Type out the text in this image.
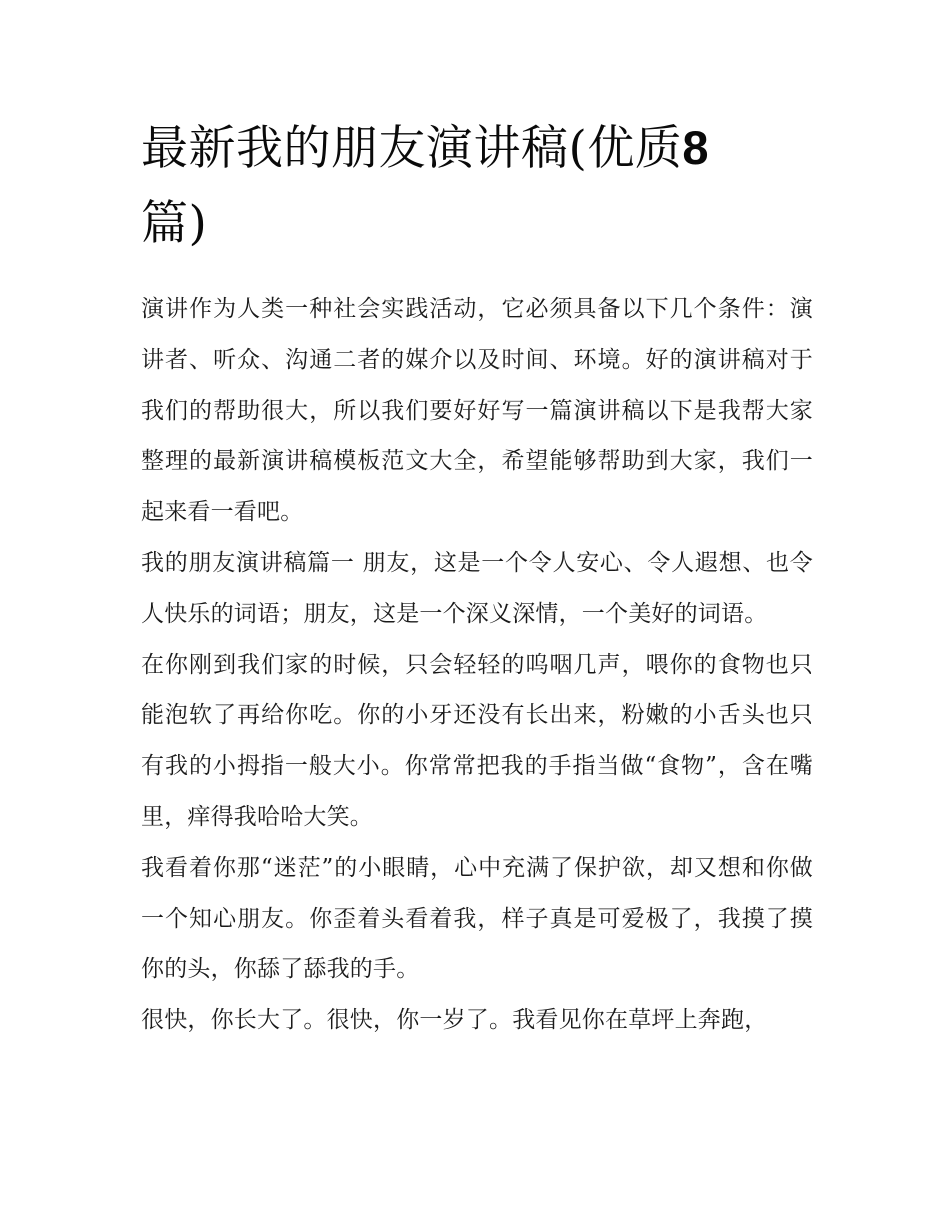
最新我的朋友演讲稿(优质8
篇)

演讲作为人类一种社会实践活动，它必须具备以下几个条件：演讲者、听众、沟通二者的媒介以及时间、环境。好的演讲稿对于我们的帮助很大，所以我们要好好写一篇演讲稿以下是我帮大家整理的最新演讲稿模板范文大全，希望能够帮助到大家，我们一起来看一看吧。

我的朋友演讲稿篇一 朋友，这是一个令人安心、令人遐想、也令人快乐的词语；朋友，这是一个深义深情，一个美好的词语。

在你刚到我们家的时候，只会轻轻的呜咽几声，喂你的食物也只能泡软了再给你吃。你的小牙还没有长出来，粉嫩的小舌头也只有我的小拇指一般大小。你常常把我的手指当做“食物”，含在嘴里，痒得我哈哈大笑。

我看着你那“迷茫”的小眼睛，心中充满了保护欲，却又想和你做一个知心朋友。你歪着头看着我，样子真是可爱极了，我摸了摸你的头，你舔了舔我的手。

很快，你长大了。很快，你一岁了。我看见你在草坪上奔跑，
